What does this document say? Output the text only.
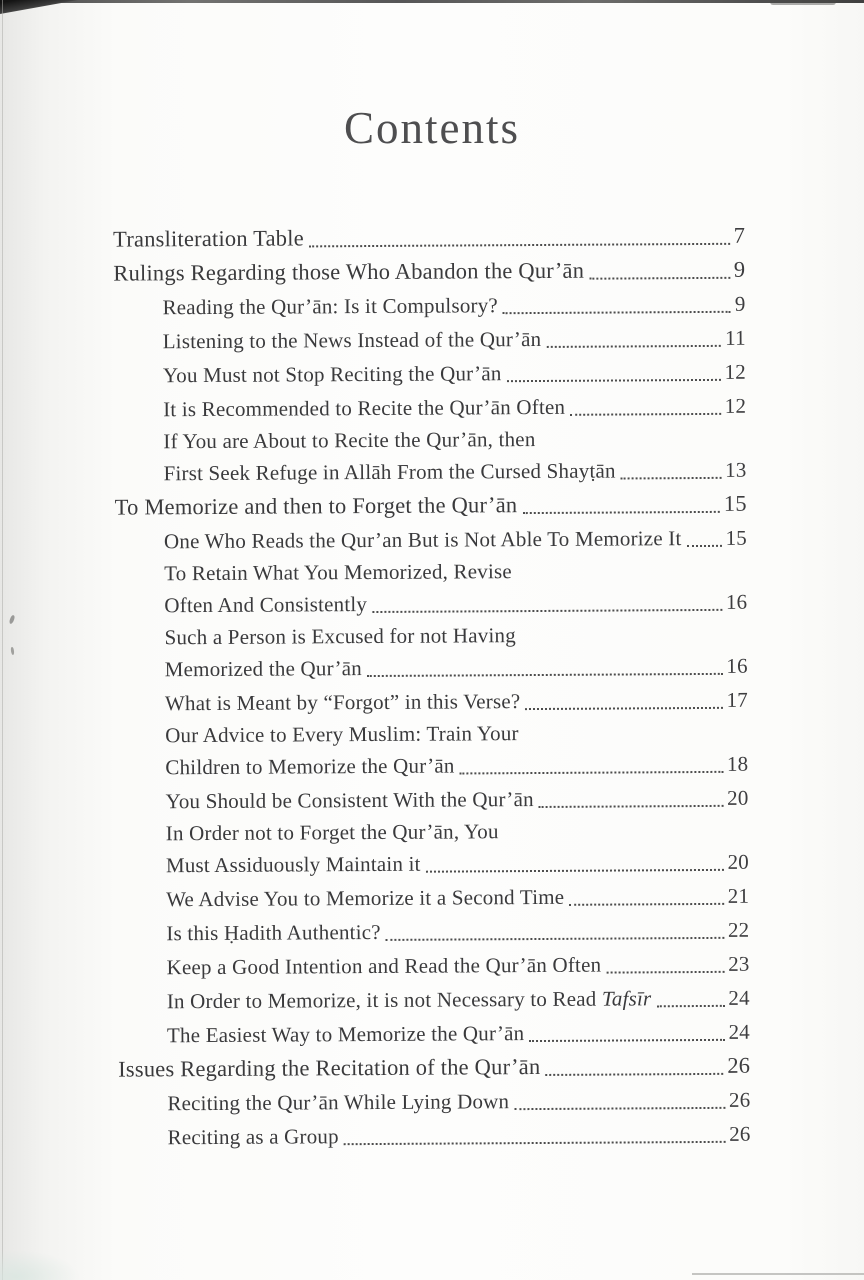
Contents
Transliteration Table	7
Rulings Regarding those Who Abandon the Qur’ān	9
Reading the Qur’ān: Is it Compulsory?	9
Listening to the News Instead of the Qur’ān	11
You Must not Stop Reciting the Qur’ān	12
It is Recommended to Recite the Qur’ān Often	12
If You are About to Recite the Qur’ān, then
First Seek Refuge in Allāh From the Cursed Shayṭān	13
To Memorize and then to Forget the Qur’ān	15
One Who Reads the Qur’an But is Not Able To Memorize It 15
To Retain What You Memorized, Revise
Often And Consistently	16
Such a Person is Excused for not Having
Memorized the Qur’ān	16
What is Meant by “Forgot” in this Verse?	17
Our Advice to Every Muslim: Train Your
Children to Memorize the Qur’ān	18
You Should be Consistent With the Qur’ān	20
In Order not to Forget the Qur’ān, You
Must Assiduously Maintain it	20
We Advise You to Memorize it a Second Time	21
Is this Ḥadith Authentic?	22
Keep a Good Intention and Read the Qur’ān Often	23
In Order to Memorize, it is not Necessary to Read Tafsīr	24
The Easiest Way to Memorize the Qur’ān	24
Issues Regarding the Recitation of the Qur’ān	26
Reciting the Qur’ān While Lying Down	26
Reciting as a Group	26
